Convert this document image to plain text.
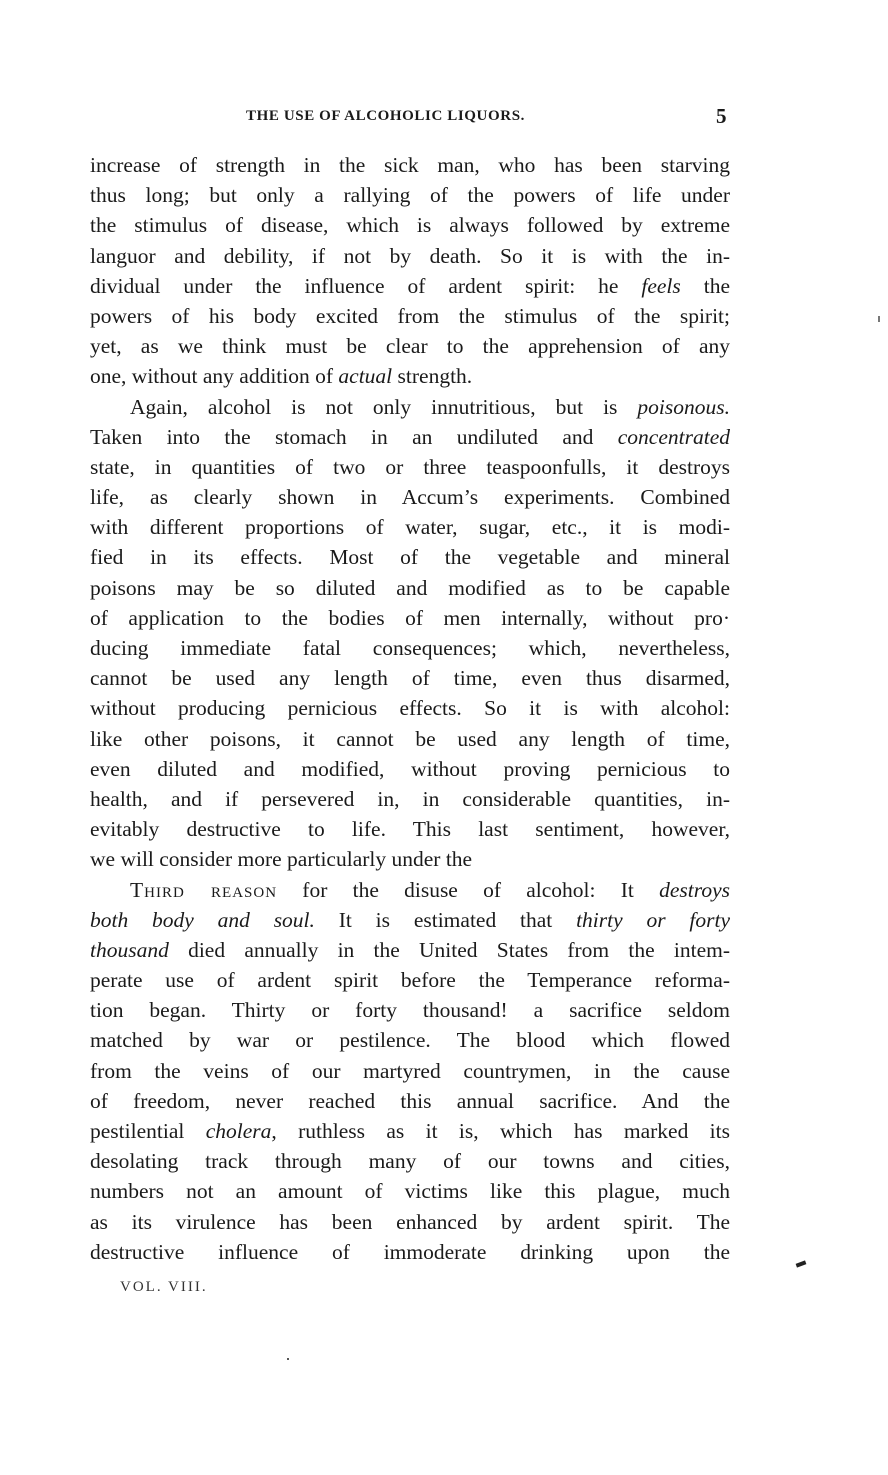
THE USE OF ALCOHOLIC LIQUORS.	5
increase of strength in the sick man, who has been starving
thus long; but only a rallying of the powers of life under
the stimulus of disease, which is always followed by extreme
languor and debility, if not by death. So it is with the in-
dividual under the influence of ardent spirit: he feels the
powers of his body excited from the stimulus of the spirit;
yet, as we think must be clear to the apprehension of any
one, without any addition of actual strength.
Again, alcohol is not only innutritious, but is poisonous.
Taken into the stomach in an undiluted and concentrated
state, in quantities of two or three teaspoonfulls, it destroys
life, as clearly shown in Accum’s experiments. Combined
with different proportions of water, sugar, etc., it is modi-
fied in its effects. Most of the vegetable and mineral
poisons may be so diluted and modified as to be capable
of application to the bodies of men internally, without pro·
ducing immediate fatal consequences; which, nevertheless,
cannot be used any length of time, even thus disarmed,
without producing pernicious effects. So it is with alcohol:
like other poisons, it cannot be used any length of time,
even diluted and modified, without proving pernicious to
health, and if persevered in, in considerable quantities, in-
evitably destructive to life. This last sentiment, however,
we will consider more particularly under the
Third reason for the disuse of alcohol: It destroys
both body and soul. It is estimated that thirty or forty
thousand died annually in the United States from the intem-
perate use of ardent spirit before the Temperance reforma-
tion began. Thirty or forty thousand! a sacrifice seldom
matched by war or pestilence. The blood which flowed
from the veins of our martyred countrymen, in the cause
of freedom, never reached this annual sacrifice. And the
pestilential cholera, ruthless as it is, which has marked its
desolating track through many of our towns and cities,
numbers not an amount of victims like this plague, much
as its virulence has been enhanced by ardent spirit. The
destructive influence of immoderate drinking upon the
VOL. VIII.
